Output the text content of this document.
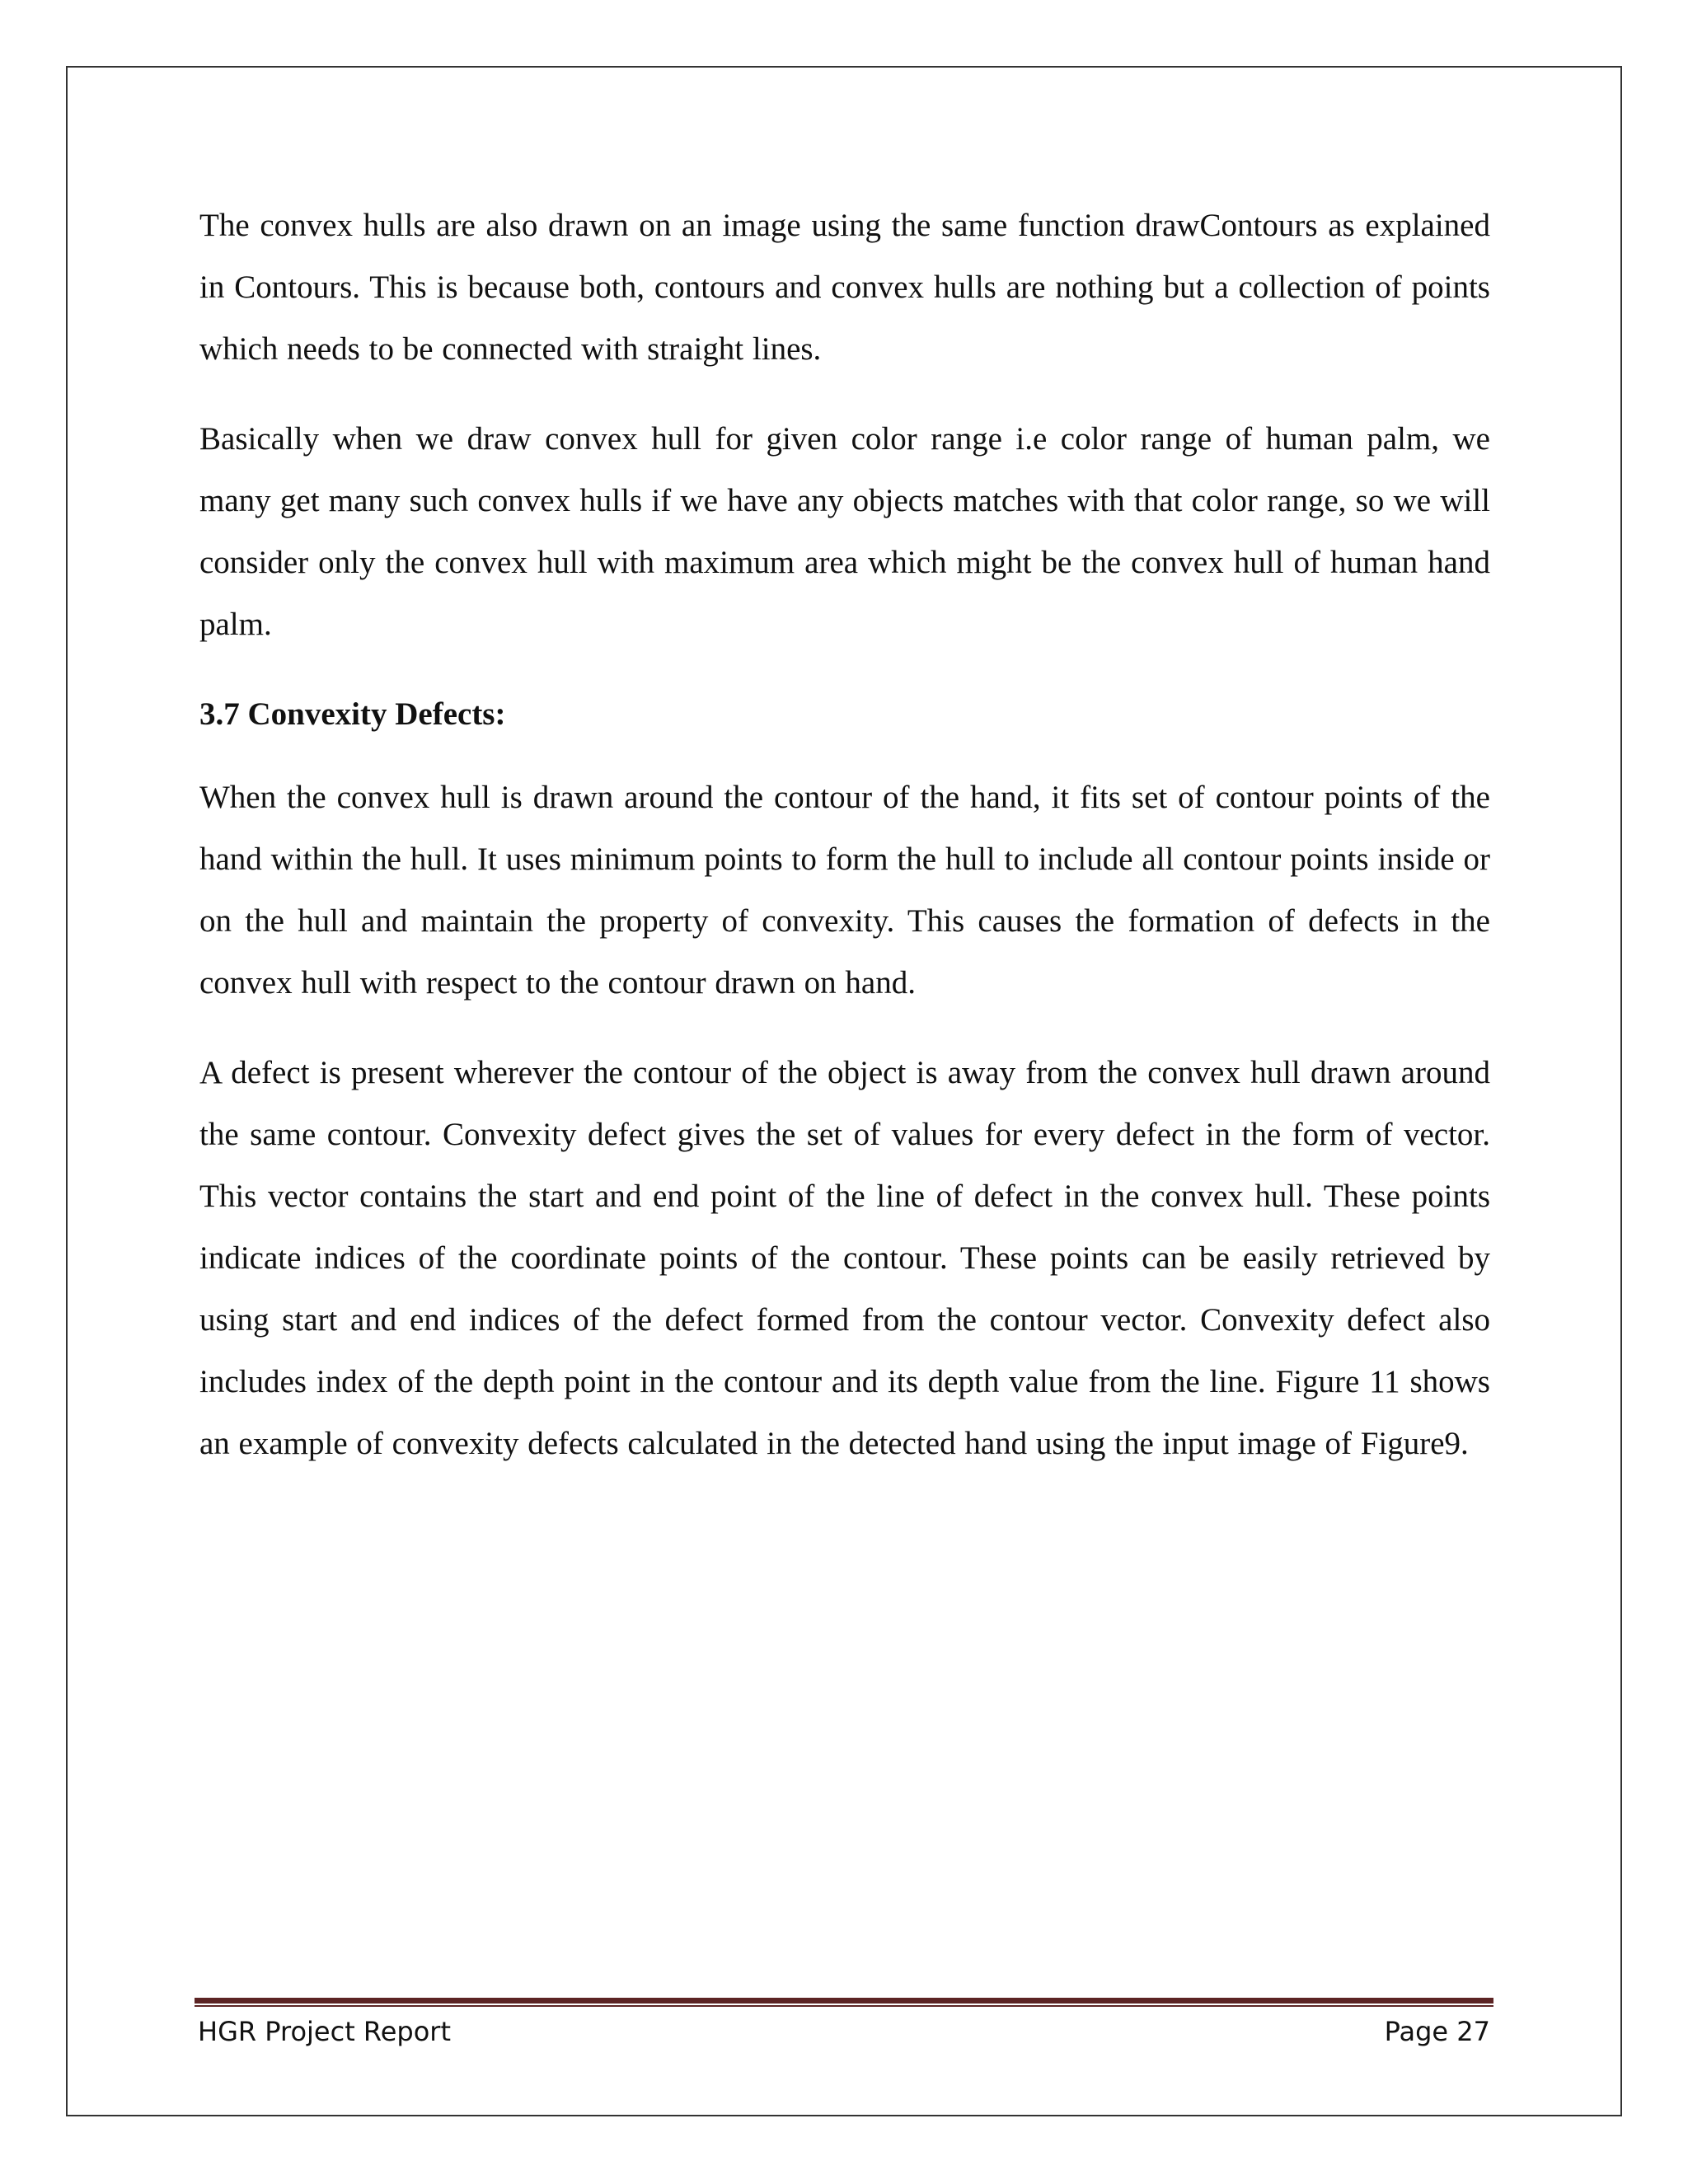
The convex hulls are also drawn on an image using the same function drawContours as explained in Contours. This is because both, contours and convex hulls are nothing but a collection of points which needs to be connected with straight lines.

Basically when we draw convex hull for given color range i.e color range of human palm, we many get many such convex hulls if we have any objects matches with that color range, so we will consider only the convex hull with maximum area which might be the convex hull of human hand palm.

3.7 Convexity Defects:

When the convex hull is drawn around the contour of the hand, it fits set of contour points of the hand within the hull. It uses minimum points to form the hull to include all contour points inside or on the hull and maintain the property of convexity. This causes the formation of defects in the convex hull with respect to the contour drawn on hand.

A defect is present wherever the contour of the object is away from the convex hull drawn around the same contour. Convexity defect gives the set of values for every defect in the form of vector. This vector contains the start and end point of the line of defect in the convex hull. These points indicate indices of the coordinate points of the contour. These points can be easily retrieved by using start and end indices of the defect formed from the contour vector. Convexity defect also includes index of the depth point in the contour and its depth value from the line. Figure 11 shows an example of convexity defects calculated in the detected hand using the input image of Figure9.

HGR Project Report	Page 27
